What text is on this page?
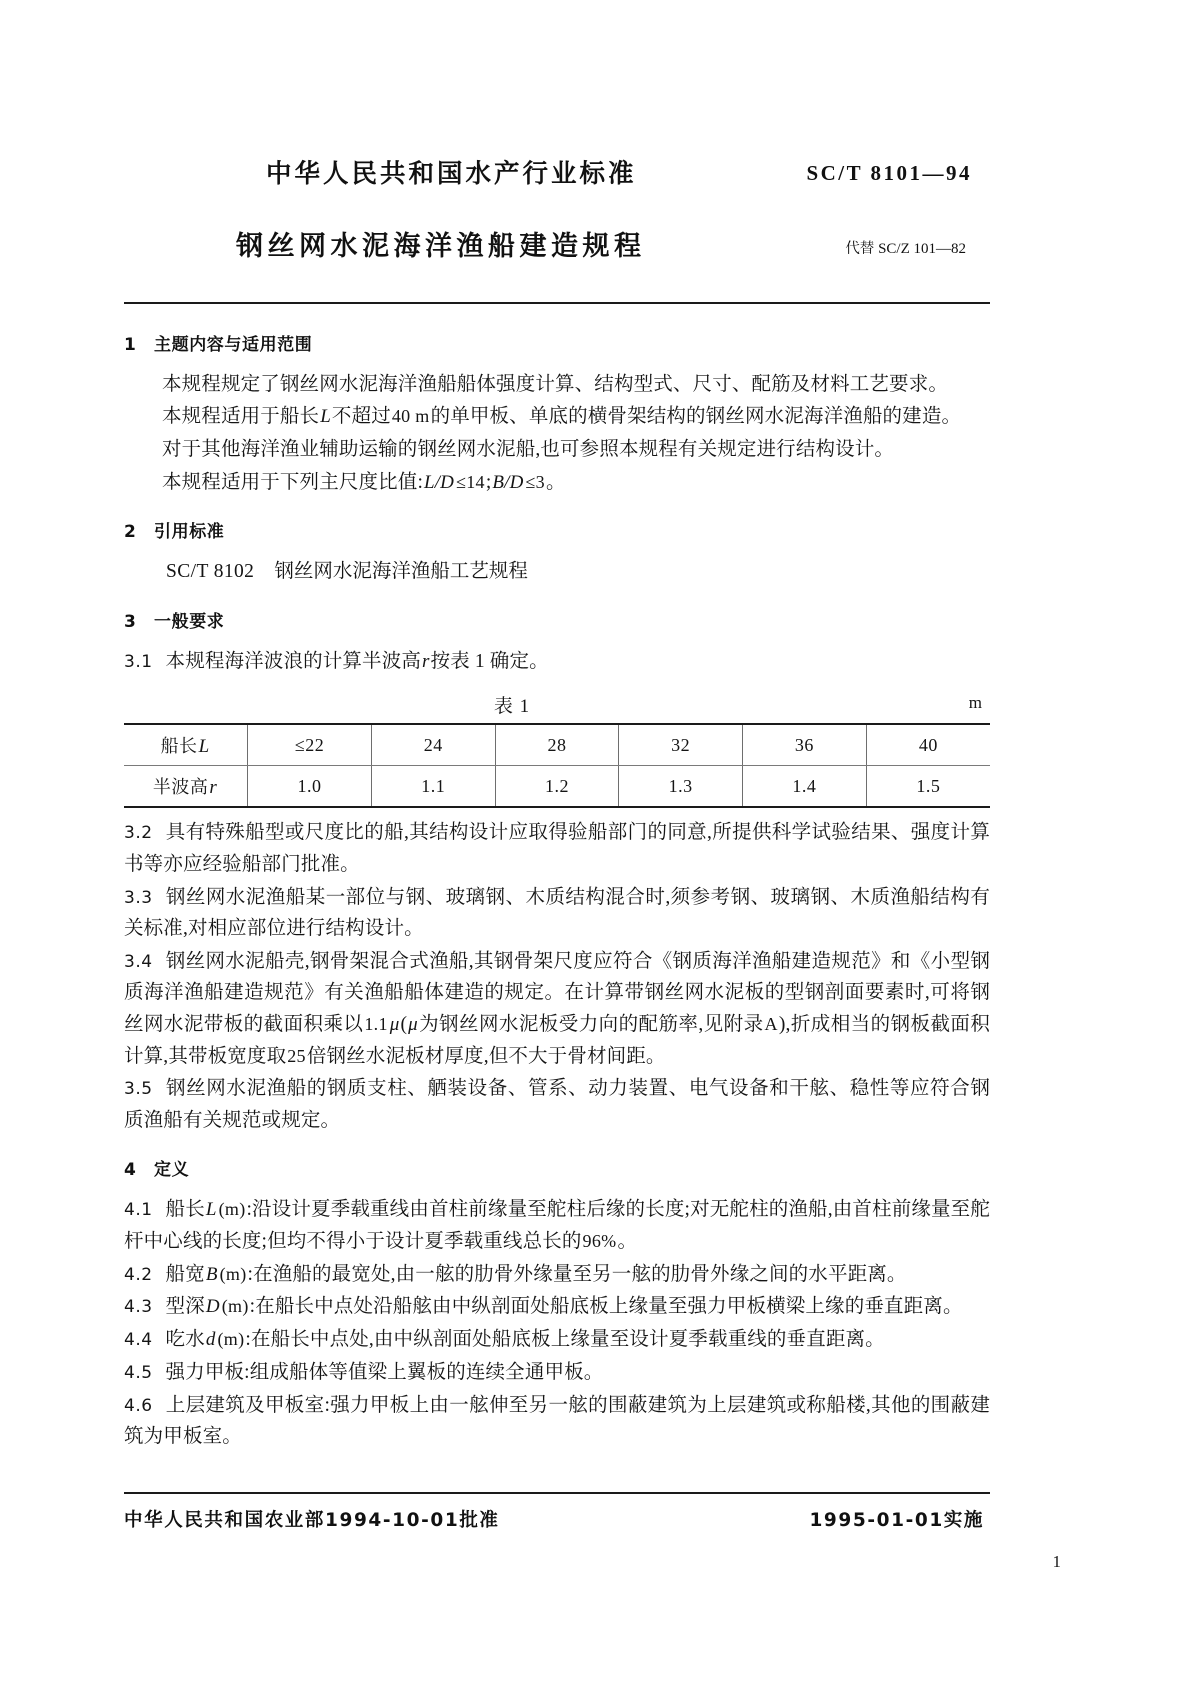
中华人民共和国水产行业标准	SC/T 8101—94
钢丝网水泥海洋渔船建造规程	代替 SC/Z 101—82
1 主题内容与适用范围

本规程规定了钢丝网水泥海洋渔船船体强度计算、结构型式、尺寸、配筋及材料工艺要求。

本规程适用于船长L不超过40 m的单甲板、单底的横骨架结构的钢丝网水泥海洋渔船的建造。

对于其他海洋渔业辅助运输的钢丝网水泥船,也可参照本规程有关规定进行结构设计。

本规程适用于下列主尺度比值:L/D ≤14;B/D ≤3。

2 引用标准

SC/T 8102 钢丝网水泥海洋渔船工艺规程

3 一般要求

3.1 本规程海洋波浪的计算半波高r按表 1 确定。

表 1	m
船长L	≤22	24	28	32	36	40
半波高r	1.0	1.1	1.2	1.3	1.4	1.5

3.2 具有特殊船型或尺度比的船,其结构设计应取得验船部门的同意,所提供科学试验结果、强度计算书等亦应经验船部门批准。

3.3 钢丝网水泥渔船某一部位与钢、玻璃钢、木质结构混合时,须参考钢、玻璃钢、木质渔船结构有关标准,对相应部位进行结构设计。

3.4 钢丝网水泥船壳,钢骨架混合式渔船,其钢骨架尺度应符合《钢质海洋渔船建造规范》和《小型钢质海洋渔船建造规范》有关渔船船体建造的规定。在计算带钢丝网水泥板的型钢剖面要素时,可将钢丝网水泥带板的截面积乘以1.1 μ(μ为钢丝网水泥板受力向的配筋率,见附录A),折成相当的钢板截面积计算,其带板宽度取25倍钢丝水泥板材厚度,但不大于骨材间距。

3.5 钢丝网水泥渔船的钢质支柱、舾装设备、管系、动力装置、电气设备和干舷、稳性等应符合钢质渔船有关规范或规定。

4 定义

4.1 船长L (m):沿设计夏季载重线由首柱前缘量至舵柱后缘的长度;对无舵柱的渔船,由首柱前缘量至舵杆中心线的长度;但均不得小于设计夏季载重线总长的96%。

4.2 船宽B (m):在渔船的最宽处,由一舷的肋骨外缘量至另一舷的肋骨外缘之间的水平距离。

4.3 型深D (m):在船长中点处沿船舷由中纵剖面处船底板上缘量至强力甲板横梁上缘的垂直距离。

4.4 吃水d (m):在船长中点处,由中纵剖面处船底板上缘量至设计夏季载重线的垂直距离。

4.5 强力甲板:组成船体等值梁上翼板的连续全通甲板。

4.6 上层建筑及甲板室:强力甲板上由一舷伸至另一舷的围蔽建筑为上层建筑或称船楼,其他的围蔽建筑为甲板室。

中华人民共和国农业部1994-10-01批准	1995-01-01实施
1
